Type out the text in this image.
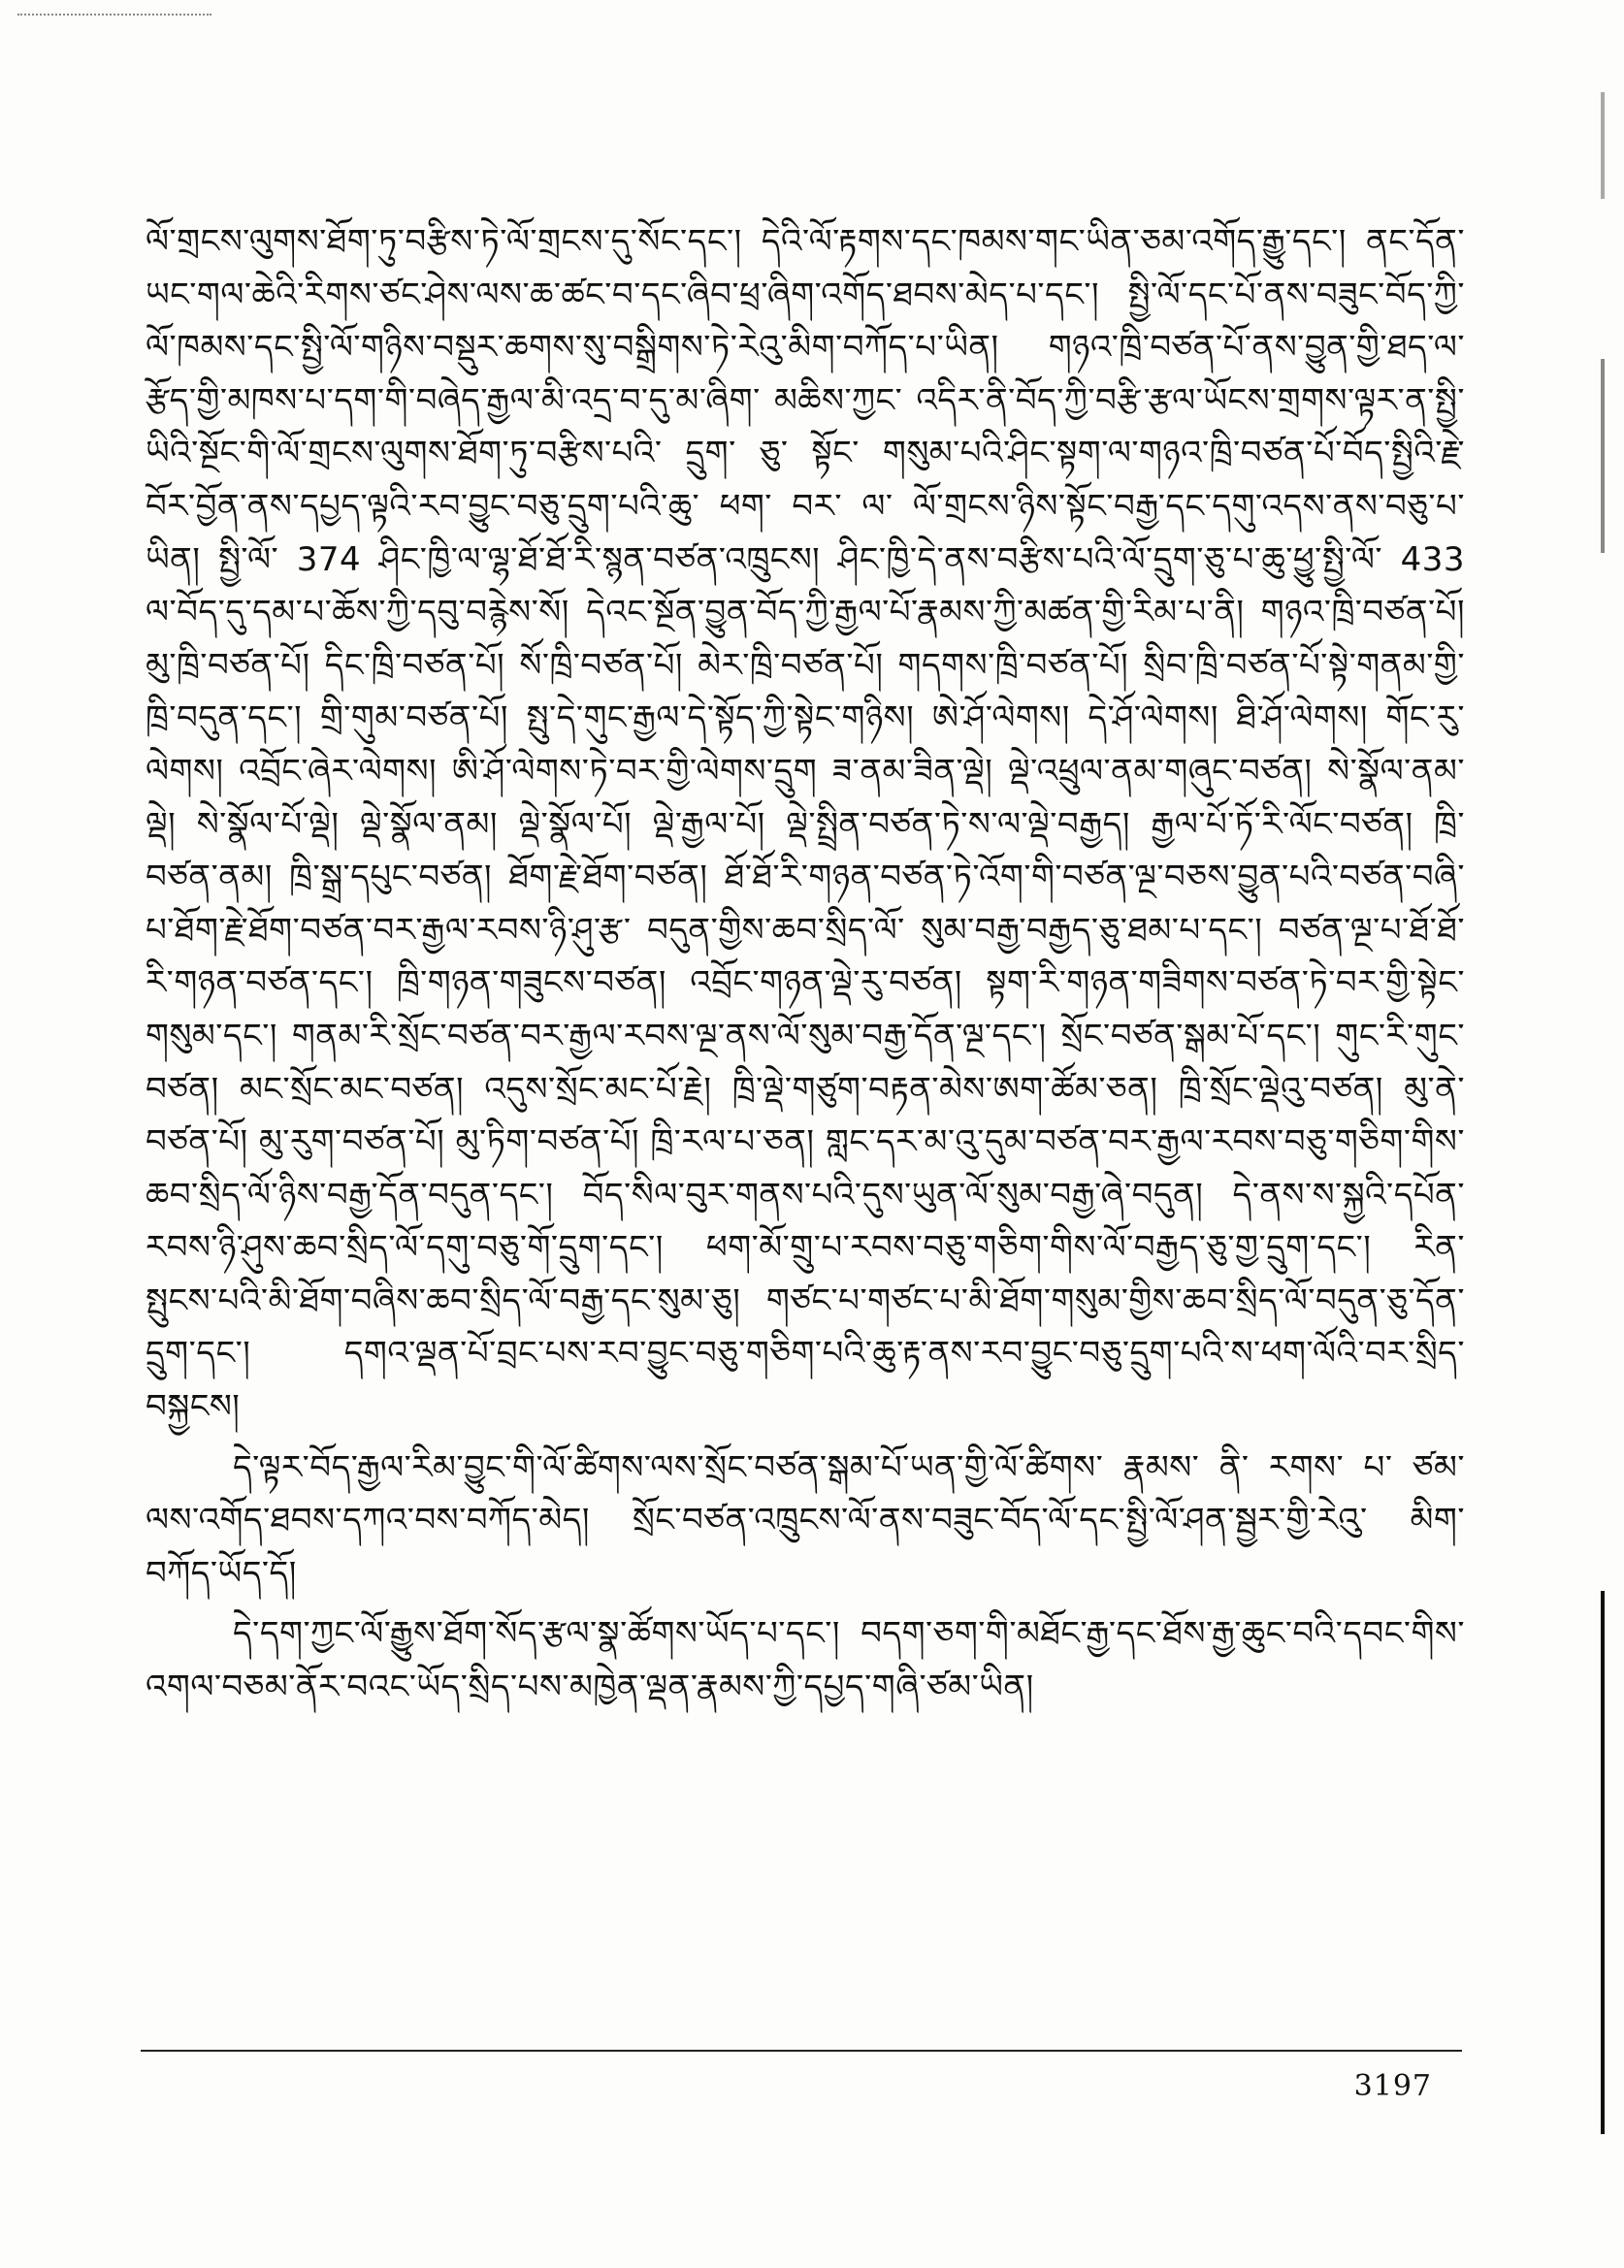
ལོ་གྲངས་ལུགས་ཐོག་ཏུ་བརྩིས་ཏེ་ལོ་གྲངས་དུ་སོང་དང་། དེའི་ལོ་རྟགས་དང་ཁམས་གང་ཡིན་ཅམ་འགོད་རྒྱུ་དང་། ནང་དོན་ཡང་གལ་ཆེའི་རིགས་ཙང་ཤེས་ལས་ཆ་ཚང་བ་དང་ཞིབ་ཕྲ་ཞིག་འགོད་ཐབས་མེད་པ་དང་། སྤྱི་ལོ་དང་པོ་ནས་བཟུང་བོད་ཀྱི་ལོ་ཁམས་དང་སྤྱི་ལོ་གཉིས་བསྡུར་ཆགས་སུ་བསྒྲིགས་ཏེ་རེའུ་མིག་བཀོད་པ་ཡིན། གཉའ་ཁྲི་བཙན་པོ་ནས་བྱུན་གྱི་ཐད་ལ་རྩོད་གྱི་མཁས་པ་དག་གི་བཞེད་རྒྱལ་མི་འདྲ་བ་དུ་མ་ཞིག་ མཆིས་ཀྱང་ འདིར་ནི་བོད་ཀྱི་བརྩི་རྩལ་ཡོངས་གྲགས་ལྟར་ན་སྤྱི་ཡིའི་སྔོང་གི་ལོ་གྲངས་ལུགས་ཐོག་ཏུ་བརྩིས་པའི་ དྲུག་ ཅུ་ སྟོང་ གསུམ་པའི་ཤིང་སྟག་ལ་གཉའ་ཁྲི་བཙན་པོ་བོད་སྤྱིའི་རྗེ་བོར་བྱོན་ནས་དཔྱད་ལྟའི་རབ་བྱུང་བཅུ་དྲུག་པའི་ཆུ་ ཕག་ བར་ ལ་ ལོ་གྲངས་ཉིས་སྟོང་བརྒྱ་དང་དགུ་འདས་ནས་བཅུ་པ་ཡིན། སྤྱི་ལོ་ 374 ཤིང་ཁྱི་ལ་ལྷ་ཐོ་ཐོ་རི་སྙན་བཙན་འཁྲུངས། ཤིང་ཁྱི་དེ་ནས་བརྩིས་པའི་ལོ་དྲུག་ཅུ་པ་ཆུ་ཕྱུ་སྤྱི་ལོ་ 433 ལ་བོད་དུ་དམ་པ་ཆོས་ཀྱི་དབུ་བརྙེས་སོ། དེའང་སྔོན་བྱུན་བོད་ཀྱི་རྒྱལ་པོ་རྣམས་ཀྱི་མཚན་གྱི་རིམ་པ་ནི། གཉའ་ཁྲི་བཙན་པོ། མུ་ཁྲི་བཙན་པོ། དིང་ཁྲི་བཙན་པོ། སོ་ཁྲི་བཙན་པོ། མེར་ཁྲི་བཙན་པོ། གདགས་ཁྲི་བཙན་པོ། སྲིབ་ཁྲི་བཙན་པོ་སྟེ་གནམ་གྱི་ཁྲི་བདུན་དང་། གྲི་གུམ་བཙན་པོ། སྤུ་དེ་གུང་རྒྱལ་དེ་སྟོད་ཀྱི་སྟེང་གཉིས། ཨེ་ཤོ་ལེགས། དེ་ཤོ་ལེགས། ཐི་ཤོ་ལེགས། གོང་རུ་ལེགས། འབྲོང་ཞེར་ལེགས། ཨི་ཤོ་ལེགས་ཏེ་བར་གྱི་ལེགས་དྲུག ཟ་ནམ་ཟིན་ལྡེ། ལྡེ་འཕྲུལ་ནམ་གཞུང་བཙན། སེ་སྣོལ་ནམ་ལྡེ། སེ་སྣོལ་པོ་ལྡེ། ལྡེ་སྣོལ་ནམ། ལྡེ་སྣོལ་པོ། ལྡེ་རྒྱལ་པོ། ལྡེ་སྤྲིན་བཙན་ཏེ་ས་ལ་ལྡེ་བརྒྱད། རྒྱལ་པོ་ཏོ་རི་ལོང་བཙན། ཁྲི་བཙན་ནམ། ཁྲི་སྒྲ་དཔུང་བཙན། ཐོག་རྗེ་ཐོག་བཙན། ཐོ་ཐོ་རི་གཉན་བཙན་ཏེ་འོག་གི་བཙན་ལྔ་བཅས་བྱུན་པའི་བཙན་བཞི་པ་ཐོག་རྗེ་ཐོག་བཙན་བར་རྒྱལ་རབས་ཉི་ཤུ་རྩ་ བདུན་གྱིས་ཆབ་སྲིད་ལོ་ སུམ་བརྒྱ་བརྒྱད་ཅུ་ཐམ་པ་དང་། བཙན་ལྔ་པ་ཐོ་ཐོ་རི་གཉན་བཙན་དང་། ཁྲི་གཉན་གཟུངས་བཙན། འབྲོང་གཉན་ལྡེ་རུ་བཙན། སྟག་རི་གཉན་གཟིགས་བཙན་ཏེ་བར་གྱི་སྟེང་གསུམ་དང་། གནམ་རི་སྲོང་བཙན་བར་རྒྱལ་རབས་ལྔ་ནས་ལོ་སུམ་བརྒྱ་དོན་ལྔ་དང་། སྲོང་བཙན་སྒམ་པོ་དང་། གུང་རི་གུང་བཙན། མང་སྲོང་མང་བཙན། འདུས་སྲོང་མང་པོ་རྗེ། ཁྲི་ལྡེ་གཙུག་བརྟན་མེས་ཨག་ཚོམ་ཅན། ཁྲི་སྲོང་ལྡེའུ་བཙན། མུ་ནེ་བཙན་པོ། མུ་རུག་བཙན་པོ། མུ་ཏིག་བཙན་པོ། ཁྲི་རལ་པ་ཅན། གླང་དར་མ་འུ་དུམ་བཙན་བར་རྒྱལ་རབས་བཅུ་གཅིག་གིས་ཆབ་སྲིད་ལོ་ཉིས་བརྒྱ་དོན་བདུན་དང་། བོད་སིལ་བུར་གནས་པའི་དུས་ཡུན་ལོ་སུམ་བརྒྱ་ཞེ་བདུན། དེ་ནས་ས་སྐྱའི་དཔོན་རབས་ཉི་ཤུས་ཆབ་སྲིད་ལོ་དགུ་བཅུ་གོ་དྲུག་དང་། ཕག་མོ་གྲུ་པ་རབས་བཅུ་གཅིག་གིས་ལོ་བརྒྱད་ཅུ་གྱ་དྲུག་དང་། རིན་སྤུངས་པའི་མི་ཐོག་བཞིས་ཆབ་སྲིད་ལོ་བརྒྱ་དང་སུམ་ཅུ། གཙང་པ་གཙང་པ་མི་ཐོག་གསུམ་གྱིས་ཆབ་སྲིད་ལོ་བདུན་ཅུ་དོན་དྲུག་དང་། དགའ་ལྡན་པོ་བྲང་པས་རབ་བྱུང་བཅུ་གཅིག་པའི་ཆུ་རྟ་ནས་རབ་བྱུང་བཅུ་དྲུག་པའི་ས་ཕག་ལོའི་བར་སྲིད་བསྐྱངས།

དེ་ལྟར་བོད་རྒྱལ་རིམ་བྱུང་གི་ལོ་ཚིགས་ལས་སྲོང་བཙན་སྒམ་པོ་ཡན་གྱི་ལོ་ཚིགས་ རྣམས་ ནི་ རགས་ པ་ ཙམ་ ལས་འགོད་ཐབས་དཀའ་བས་བཀོད་མེད། སྲོང་བཙན་འཁྲུངས་ལོ་ནས་བཟུང་བོད་ལོ་དང་སྤྱི་ལོ་ཤན་སྦྱར་གྱི་རེའུ་ མིག་བཀོད་ཡོད་དོ།

དེ་དག་ཀྱང་ལོ་རྒྱུས་ཐོག་སོད་རྩལ་སྣ་ཚོགས་ཡོད་པ་དང་། བདག་ཅག་གི་མཐོང་རྒྱ་དང་ཐོས་རྒྱ་ཆུང་བའི་དབང་གིས་འགལ་བཅམ་ནོར་བའང་ཡོད་སྲིད་པས་མཁྱེན་ལྡན་རྣམས་ཀྱི་དཔྱད་གཞི་ཙམ་ཡིན།

3197
